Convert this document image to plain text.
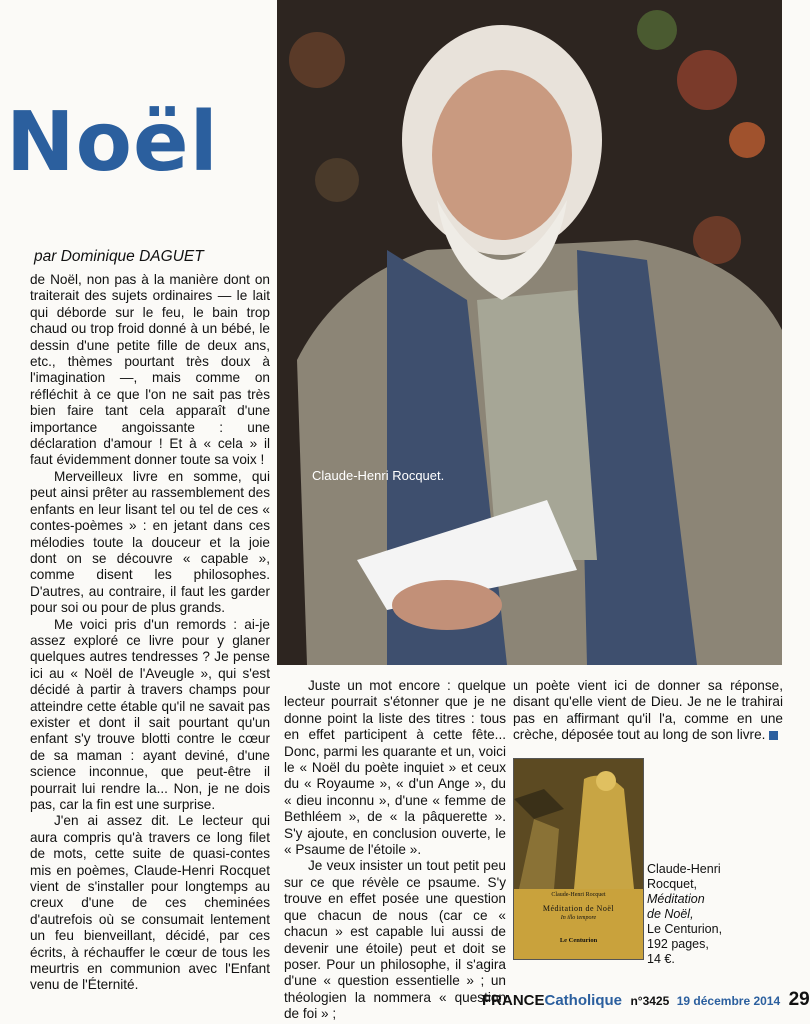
Noël

par Dominique DAGUET

de Noël, non pas à la manière dont on traiterait des sujets ordinaires — le lait qui déborde sur le feu, le bain trop chaud ou trop froid donné à un bébé, le dessin d'une petite fille de deux ans, etc., thèmes pourtant très doux à l'imagination —, mais comme on réfléchit à ce que l'on ne sait pas très bien faire tant cela apparaît d'une importance angoissante : une déclaration d'amour ! Et à « cela » il faut évidemment donner toute sa voix !

Merveilleux livre en somme, qui peut ainsi prêter au rassemblement des enfants en leur lisant tel ou tel de ces « contes-poèmes » : en jetant dans ces mélodies toute la douceur et la joie dont on se découvre « capable », comme disent les philosophes. D'autres, au contraire, il faut les garder pour soi ou pour de plus grands.

Me voici pris d'un remords : ai-je assez exploré ce livre pour y glaner quelques autres tendresses ? Je pense ici au « Noël de l'Aveugle », qui s'est décidé à partir à travers champs pour atteindre cette étable qu'il ne savait pas exister et dont il sait pourtant qu'un enfant s'y trouve blotti contre le cœur de sa maman : ayant deviné, d'une science inconnue, que peut-être il pourrait lui rendre la... Non, je ne dois pas, car la fin est une surprise.

J'en ai assez dit. Le lecteur qui aura compris qu'à travers ce long filet de mots, cette suite de quasi-contes mis en poèmes, Claude-Henri Rocquet vient de s'installer pour longtemps au creux d'une de ces cheminées d'autrefois où se consumait lentement un feu bienveillant, décidé, par ces écrits, à réchauffer le cœur de tous les meurtris en communion avec l'Enfant venu de l'Éternité.

Claude-Henri Rocquet.

Juste un mot encore : quelque lecteur pourrait s'étonner que je ne donne point la liste des titres : tous en effet participent à cette fête... Donc, parmi les quarante et un, voici le « Noël du poète inquiet » et ceux du « Royaume », « d'un Ange », du « dieu inconnu », d'une « femme de Bethléem », de « la pâquerette ». S'y ajoute, en conclusion ouverte, le « Psaume de l'étoile ».

Je veux insister un tout petit peu sur ce que révèle ce psaume. S'y trouve en effet posée une question que chacun de nous (car ce « chacun » est capable lui aussi de devenir une étoile) peut et doit se poser. Pour un philosophe, il s'agira d'une « question essentielle » ; un théologien la nommera « question de foi » ;

un poète vient ici de donner sa réponse, disant qu'elle vient de Dieu. Je ne le trahirai pas en affirmant qu'il l'a, comme en une crèche, déposée tout au long de son livre.

Claude-Henri Rocquet
Méditation de Noël
In illo tempore
Le Centurion
Claude-Henri
Rocquet,
Méditation
de Noël,
Le Centurion,
192 pages,
14 €.
FRANCECatholique n°3425 19 décembre 2014 29
